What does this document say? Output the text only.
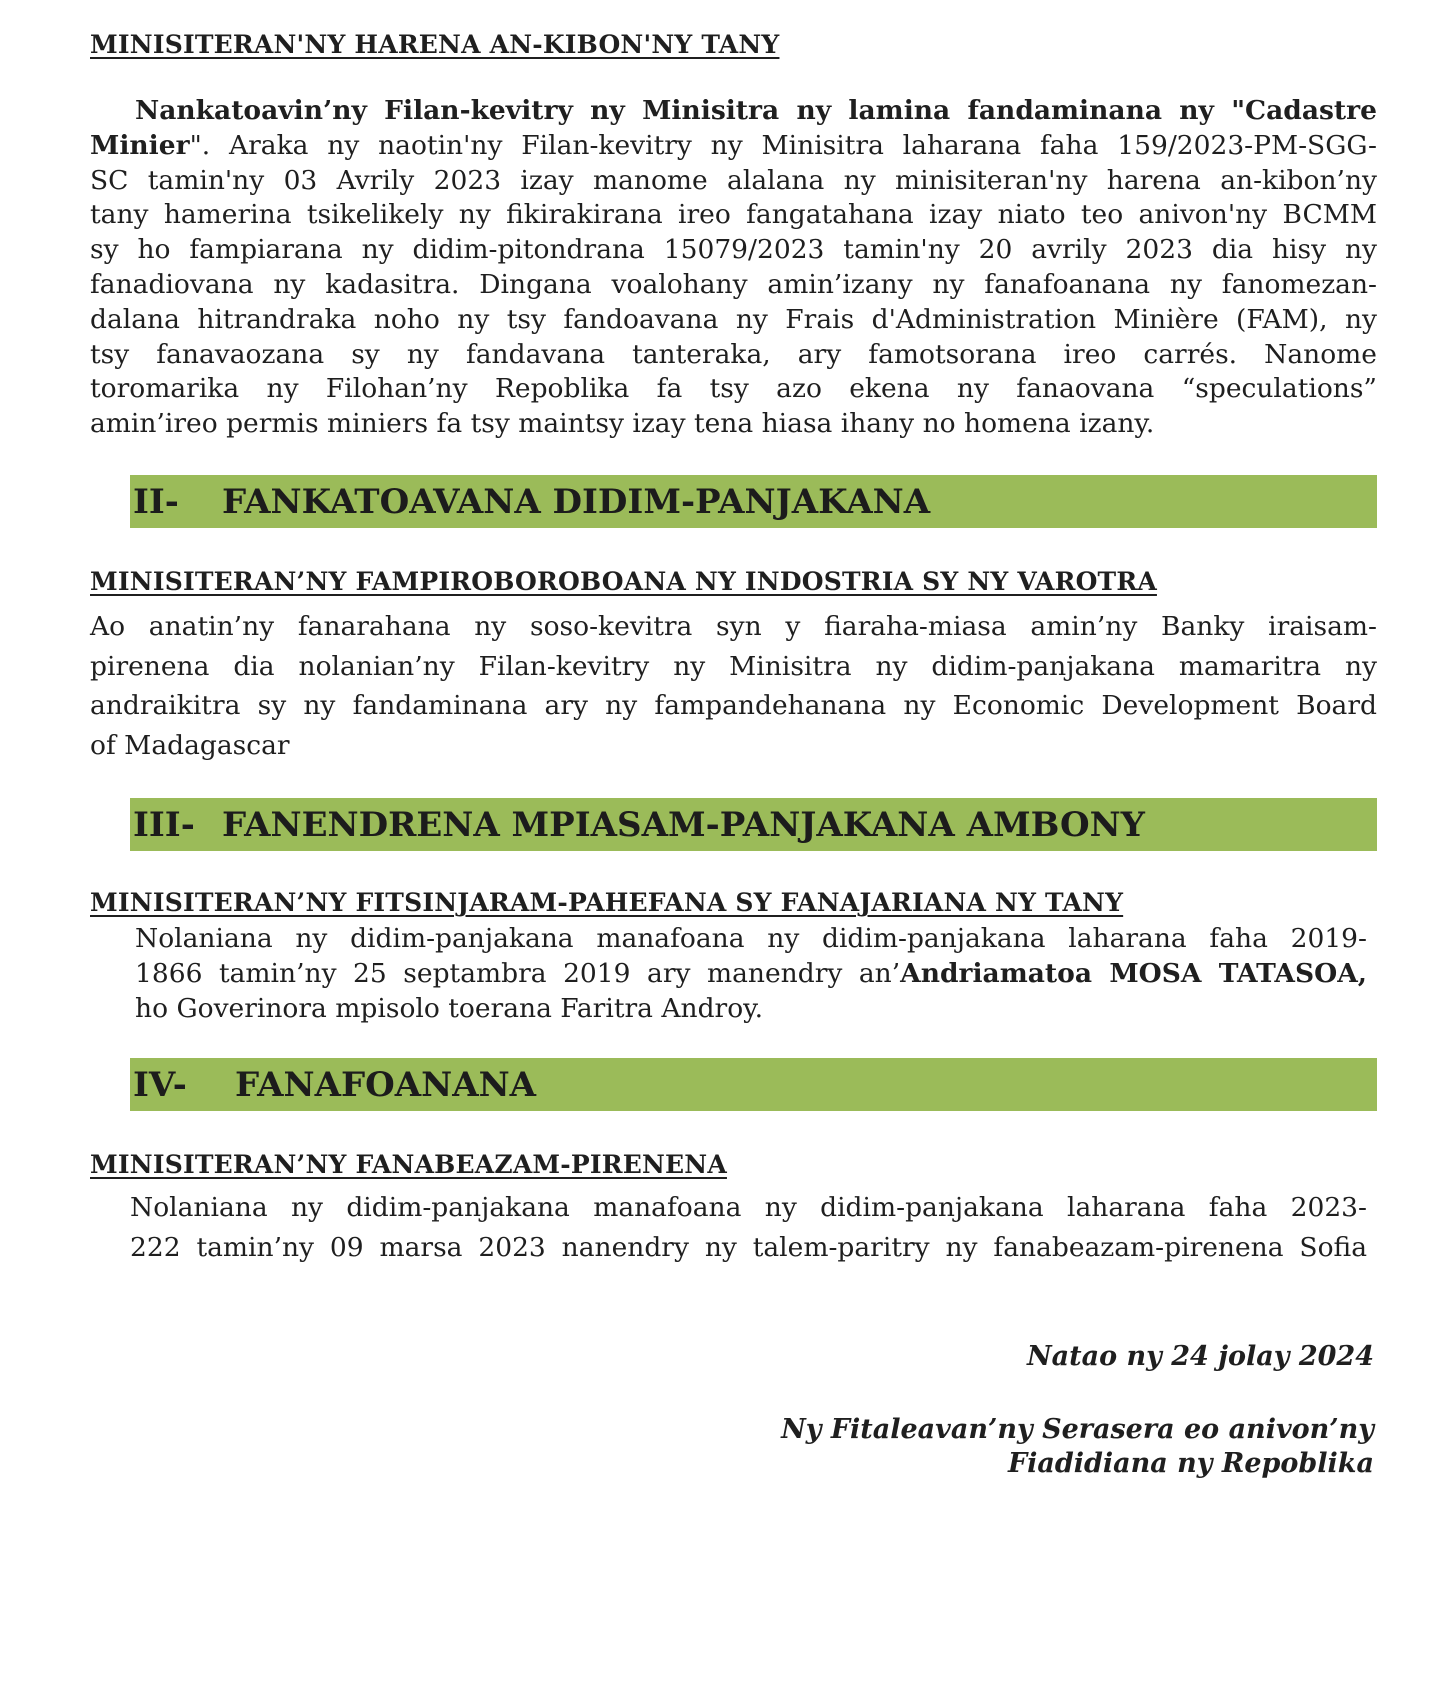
MINISITERAN'NY HARENA AN-KIBON'NY TANY
Nankatoavin’ny Filan-kevitry ny Minisitra ny lamina fandaminana ny "Cadastre
Minier". Araka ny naotin'ny Filan-kevitry ny Minisitra laharana faha 159/2023-PM-SGG-
SC tamin'ny 03 Avrily 2023 izay manome alalana ny minisiteran'ny harena an-kibon’ny
tany hamerina tsikelikely ny fikirakirana ireo fangatahana izay niato teo anivon'ny BCMM
sy ho fampiarana ny didim-pitondrana 15079/2023 tamin'ny 20 avrily 2023 dia hisy ny
fanadiovana ny kadasitra. Dingana voalohany amin’izany ny fanafoanana ny fanomezan-
dalana hitrandraka noho ny tsy fandoavana ny Frais d'Administration Minière (FAM), ny
tsy fanavaozana sy ny fandavana tanteraka, ary famotsorana ireo carrés. Nanome
toromarika ny Filohan’ny Repoblika fa tsy azo ekena ny fanaovana “speculations”
amin’ireo permis miniers fa tsy maintsy izay tena hiasa ihany no homena izany.
II- FANKATOAVANA DIDIM-PANJAKANA
MINISITERAN’NY FAMPIROBOROBOANA NY INDOSTRIA SY NY VAROTRA
Ao anatin’ny fanarahana ny soso-kevitra syn y fiaraha-miasa amin’ny Banky iraisam-
pirenena dia nolanian’ny Filan-kevitry ny Minisitra ny didim-panjakana mamaritra ny
andraikitra sy ny fandaminana ary ny fampandehanana ny Economic Development Board
of Madagascar
III- FANENDRENA MPIASAM-PANJAKANA AMBONY
MINISITERAN’NY FITSINJARAM-PAHEFANA SY FANAJARIANA NY TANY
Nolaniana ny didim-panjakana manafoana ny didim-panjakana laharana faha 2019-
1866 tamin’ny 25 septambra 2019 ary manendry an’Andriamatoa MOSA TATASOA,
ho Goverinora mpisolo toerana Faritra Androy.
IV- FANAFOANANA
MINISITERAN’NY FANABEAZAM-PIRENENA
Nolaniana ny didim-panjakana manafoana ny didim-panjakana laharana faha 2023-
222 tamin’ny 09 marsa 2023 nanendry ny talem-paritry ny fanabeazam-pirenena Sofia
Natao ny 24 jolay 2024
Ny Fitaleavan’ny Serasera eo anivon’ny
Fiadidiana ny Repoblika
